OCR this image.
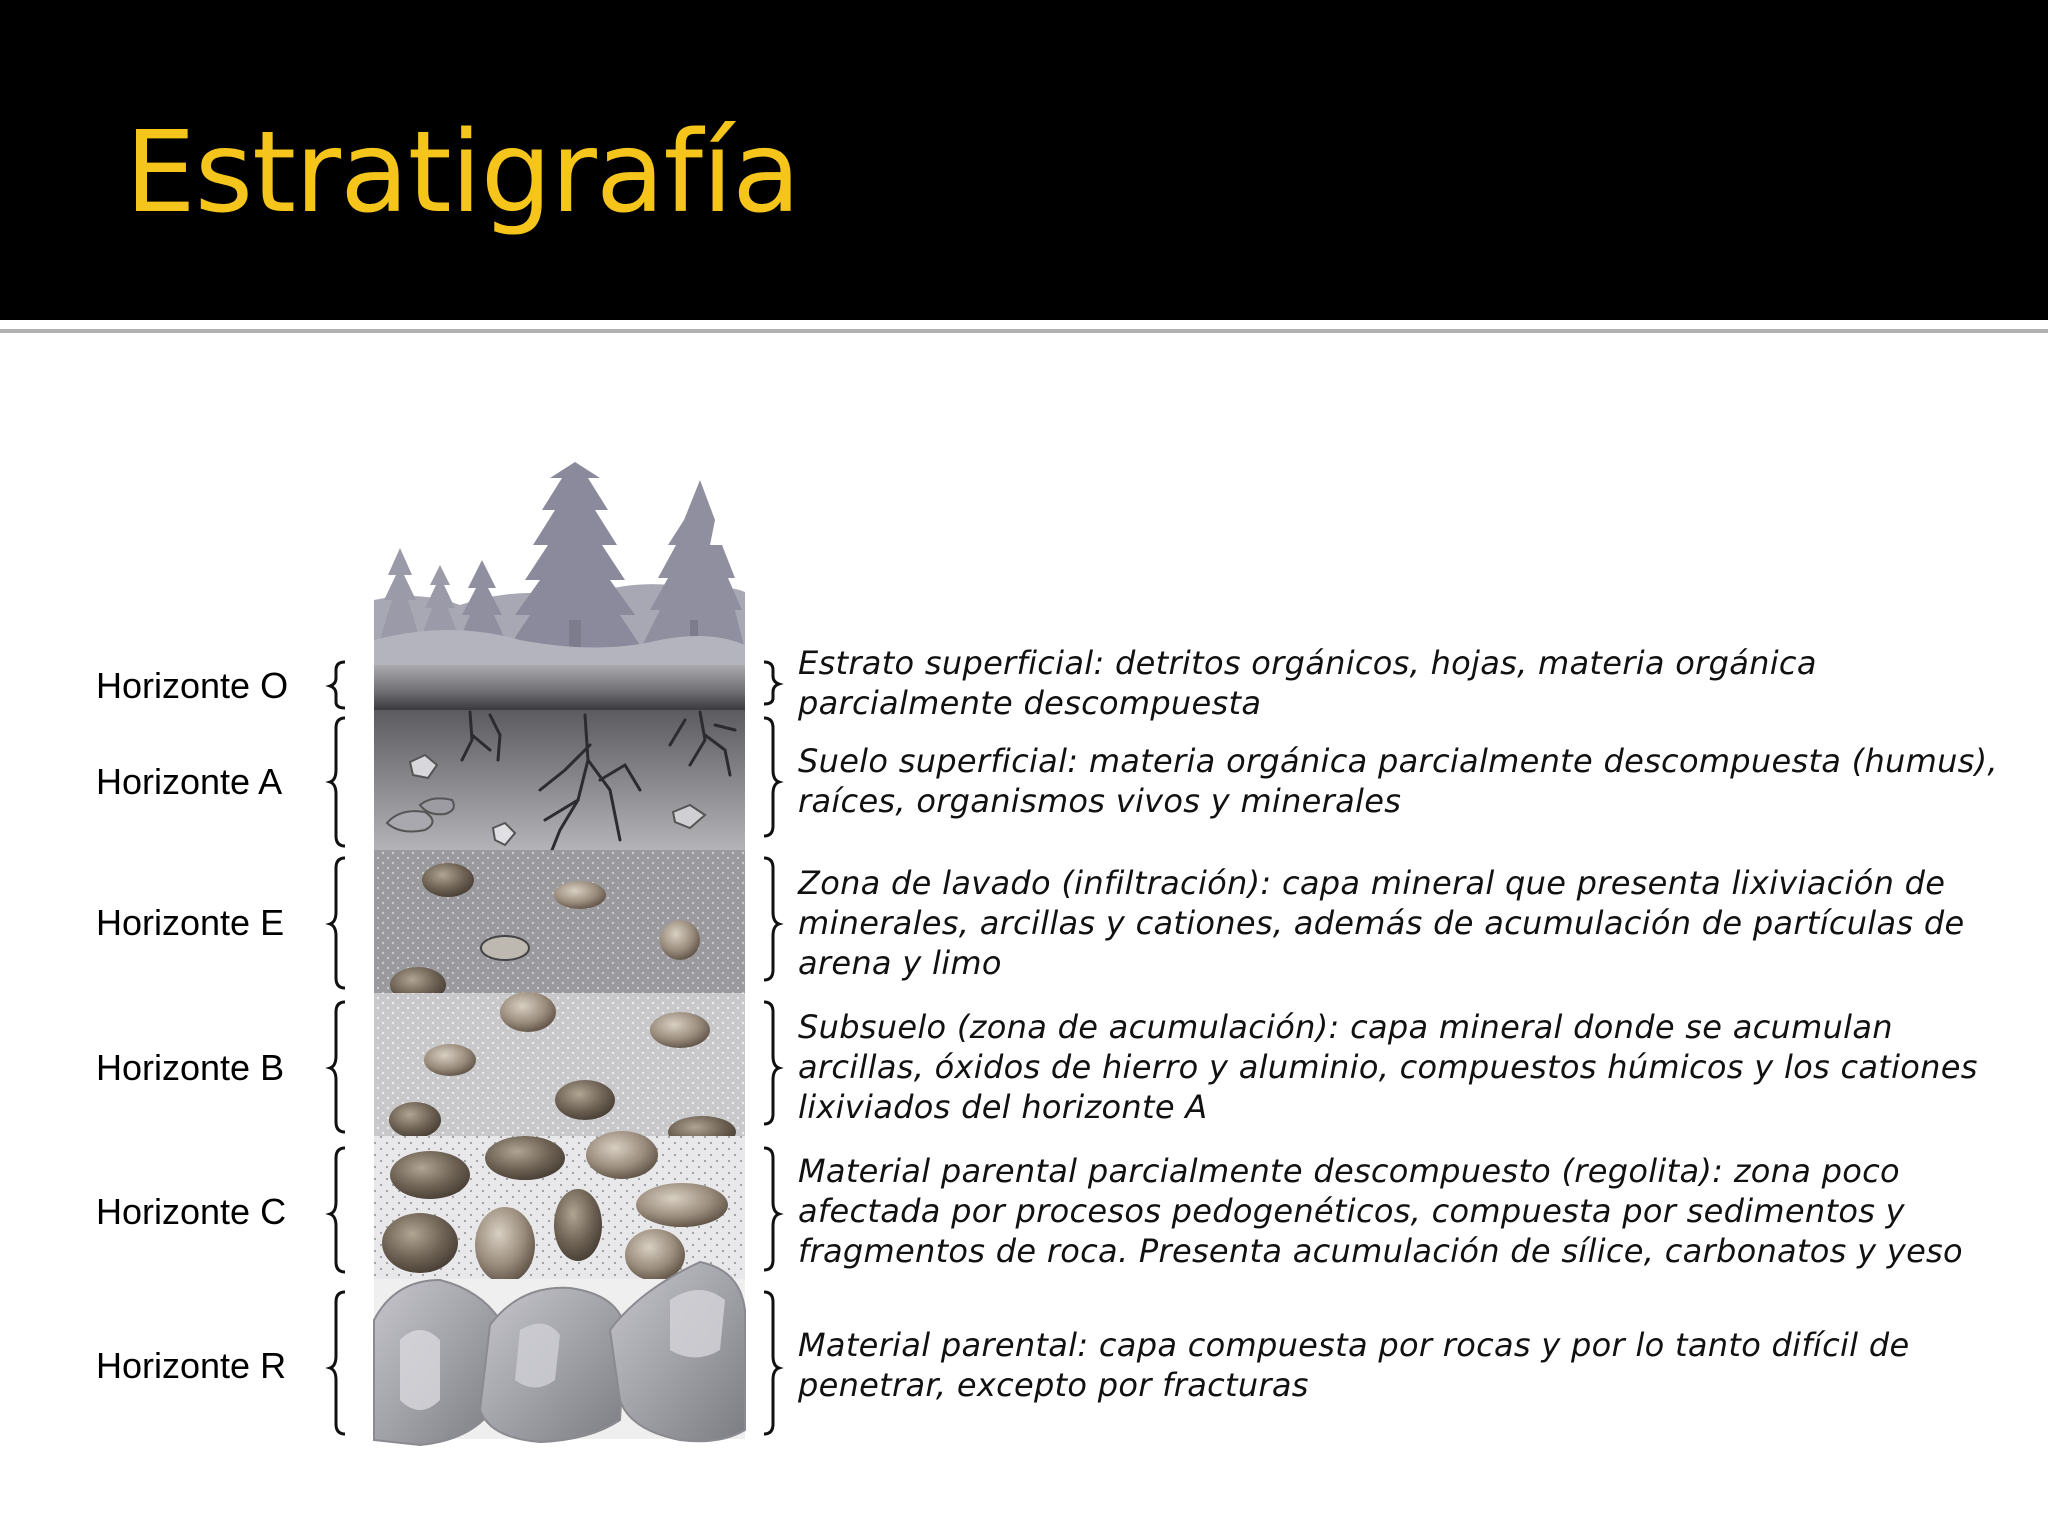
Estratigrafía
Horizonte O
Horizonte A
Horizonte E
Horizonte B
Horizonte C
Horizonte R
Estrato superficial: detritos orgánicos, hojas, materia orgánica parcialmente descompuesta
Suelo superficial: materia orgánica parcialmente descompuesta (humus), raíces, organismos vivos y minerales
Zona de lavado (infiltración): capa mineral que presenta lixiviación de minerales, arcillas y cationes, además de acumulación de partículas de arena y limo
Subsuelo (zona de acumulación): capa mineral donde se acumulan arcillas, óxidos de hierro y aluminio, compuestos húmicos y los cationes lixiviados del horizonte A
Material parental parcialmente descompuesto (regolita): zona poco afectada por procesos pedogenéticos, compuesta por sedimentos y fragmentos de roca. Presenta acumulación de sílice, carbonatos y yeso
Material parental: capa compuesta por rocas y por lo tanto difícil de penetrar, excepto por fracturas
